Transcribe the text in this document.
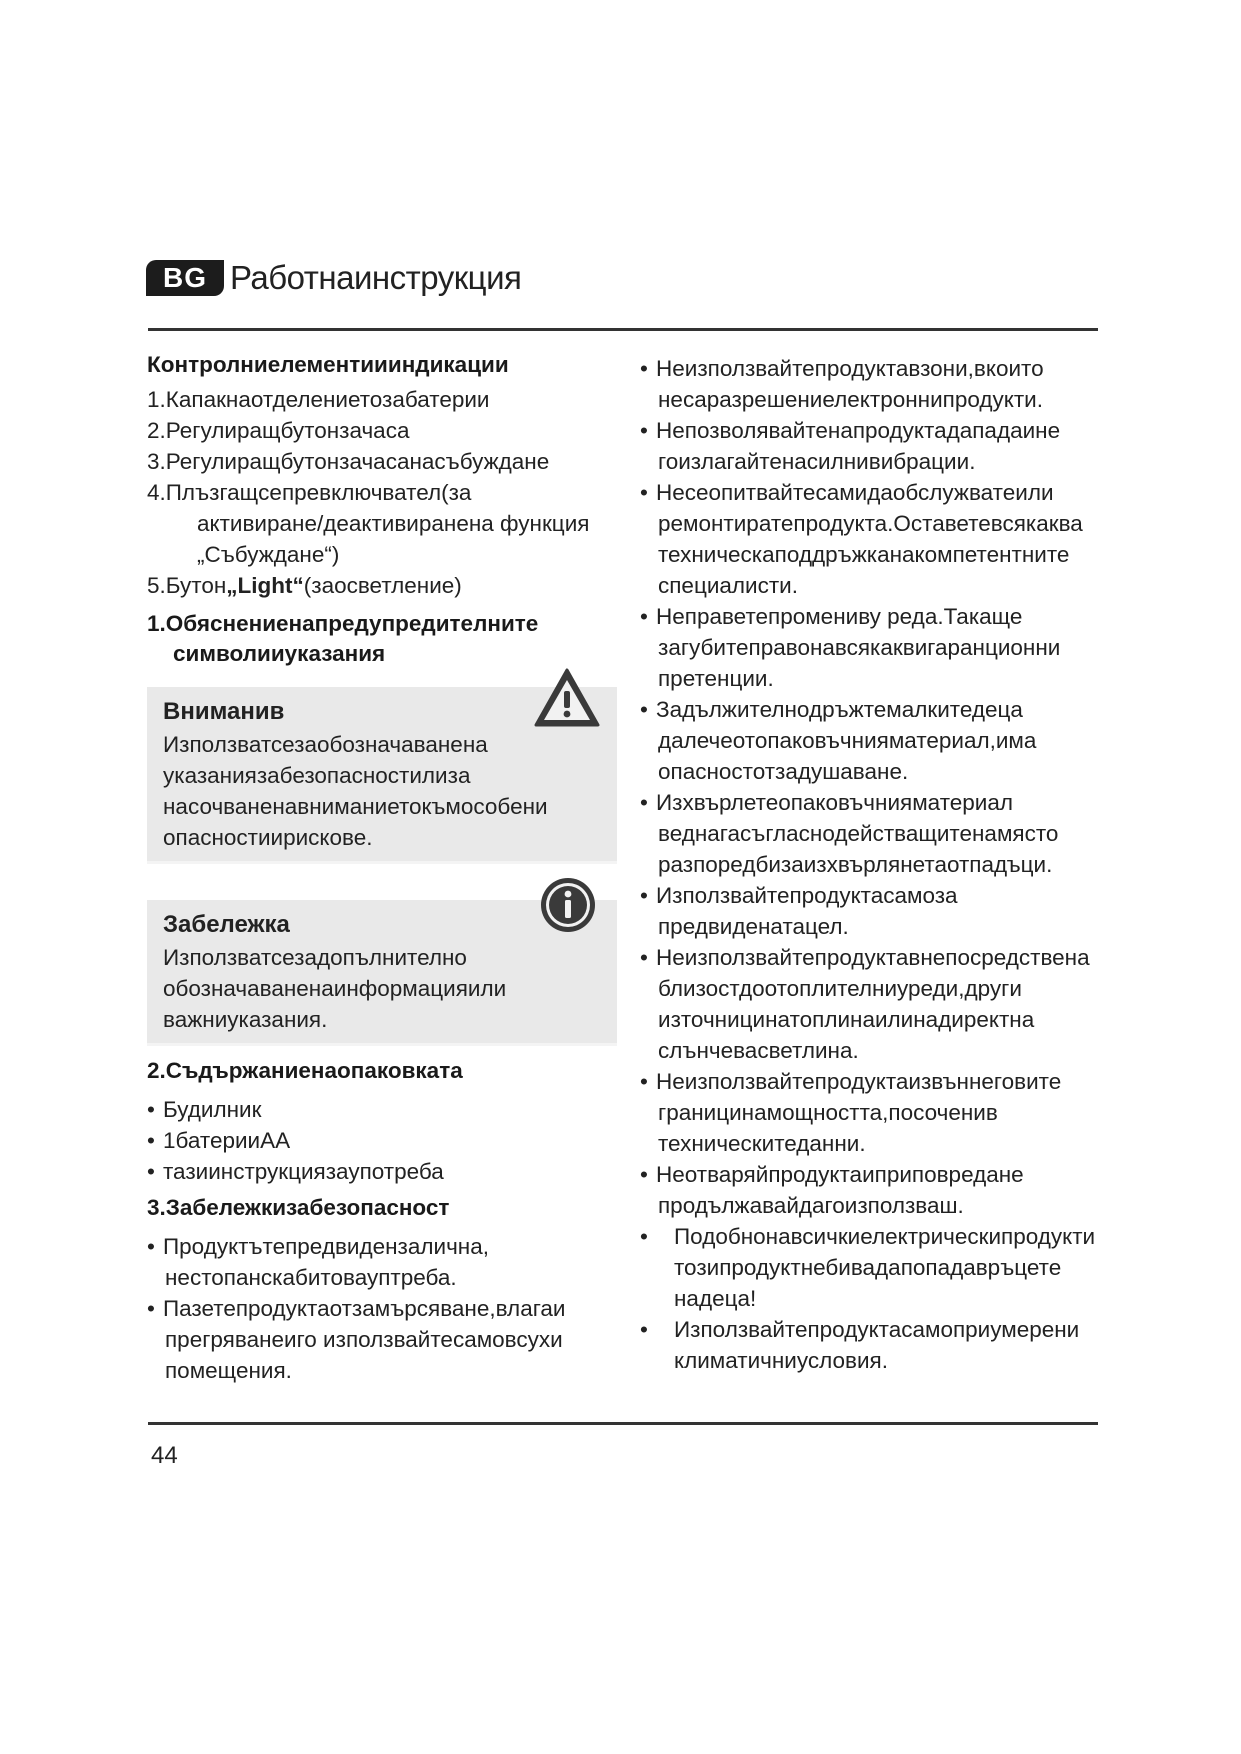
BG Работнаинструкция
Контролниелементиииндикации
1.Капакнаотделениетозабатерии
2.Регулиращбутонзачаса
3.Регулиращбутонзачасанасъбуждане
4.Плъзгащсепревключвател(за
активиране/деактивиранена функция
„Събуждане“)
5.Бутон„Light“(заосветление)
1.Обяснениенапредупредителните
символииуказания
Вниманив
Използватсезаобозначаванена
указаниязабезопасностилиза
насочваненавниманиетокъмособени
опасностиирискове.
Забележка
Използватсезадопълнително
обозначаваненаинформацияили
важниуказания.
2.Съдържаниенаопаковката
• Будилник
• 1батерииAA
• тазиинструкциязаупотреба
3.Забележкизабезопасност
• Продуктътепредвидензалична,
нестопанскабитовауптреба.
• Пазетепродуктаотзамърсяване,влагаи
прегряванеиго използвайтесамовсухи
помещения.
• Неизползвайтепродуктавзони,вкоито
несаразрешениелектроннипродукти.
• Непозволявайтенапродуктадападаине
гоизлагайтенасилнивибрации.
• Несеопитвайтесамидаобслужватеили
ремонтиратепродукта.Оставетевсякаква
техническаподдръжканакомпетентните
специалисти.
• Неправетепромениву реда.Такаще
загубитеправонавсякаквигаранционни
претенции.
• Задължителнодръжтемалкитедеца
далечеотопаковъчнияматериал,има
опасностотзадушаване.
• Изхвърлетеопаковъчнияматериал
веднагасъгласнодействащитенамясто
разпоредбизаизхвърлянетаотпадъци.
• Използвайтепродуктасамоза
предвиденатацел.
• Неизползвайтепродуктавнепосредствена
близостдоотоплителниуреди,други
източницинатоплинаилинадиректна
слънчевасветлина.
• Неизползвайтепродуктаизвъннеговите
границинамощността,посоченив
техническитеданни.
• Неотваряйпродуктаиприповредане
продължавайдагоизползваш.
•	Подобнонавсичкиелектрическипродукти
тозипродуктнебивадапопадавръцете
надеца!
•	Използвайтепродуктасамоприумерени
климатичниусловия.
44
